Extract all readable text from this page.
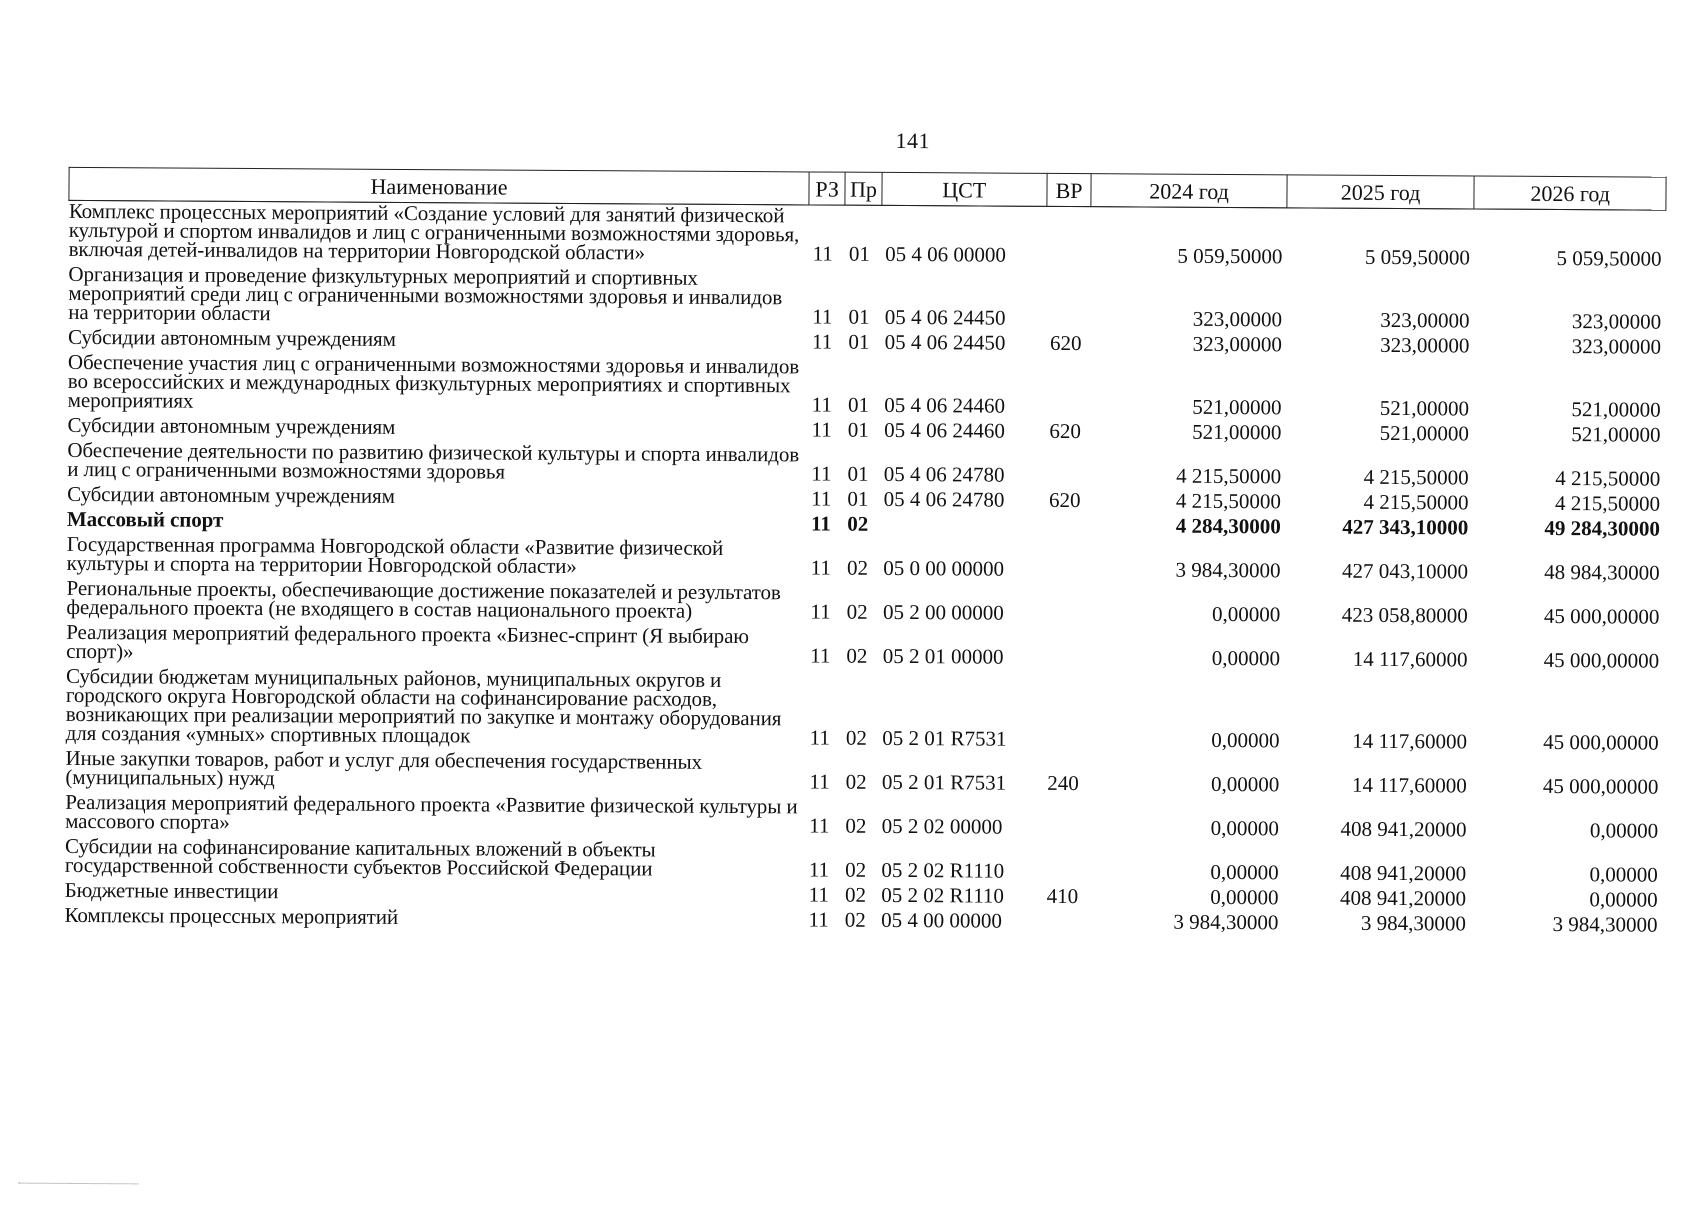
141
Наименование	РЗ	Пр	ЦСТ	ВР	2024 год	2025 год	2026 год
Комплекс процессных мероприятий «Создание условий для занятий физической культурой и спортом инвалидов и лиц с ограниченными возможностями здоровья, включая детей-инвалидов на территории Новгородской области»	11	01	05 4 06 00000		5 059,50000	5 059,50000	5 059,50000
Организация и проведение физкультурных мероприятий и спортивных мероприятий среди лиц с ограниченными возможностями здоровья и инвалидов на территории области	11	01	05 4 06 24450		323,00000	323,00000	323,00000
Субсидии автономным учреждениям	11	01	05 4 06 24450	620	323,00000	323,00000	323,00000
Обеспечение участия лиц с ограниченными возможностями здоровья и инвалидов во всероссийских и международных физкультурных мероприятиях и спортивных мероприятиях	11	01	05 4 06 24460		521,00000	521,00000	521,00000
Субсидии автономным учреждениям	11	01	05 4 06 24460	620	521,00000	521,00000	521,00000
Обеспечение деятельности по развитию физической культуры и спорта инвалидов и лиц с ограниченными возможностями здоровья	11	01	05 4 06 24780		4 215,50000	4 215,50000	4 215,50000
Субсидии автономным учреждениям	11	01	05 4 06 24780	620	4 215,50000	4 215,50000	4 215,50000
Массовый спорт	11	02			4 284,30000	427 343,10000	49 284,30000
Государственная программа Новгородской области «Развитие физической культуры и спорта на территории Новгородской области»	11	02	05 0 00 00000		3 984,30000	427 043,10000	48 984,30000
Региональные проекты, обеспечивающие достижение показателей и результатов федерального проекта (не входящего в состав национального проекта)	11	02	05 2 00 00000		0,00000	423 058,80000	45 000,00000
Реализация мероприятий федерального проекта «Бизнес-спринт (Я выбираю спорт)»	11	02	05 2 01 00000		0,00000	14 117,60000	45 000,00000
Субсидии бюджетам муниципальных районов, муниципальных округов и городского округа Новгородской области на софинансирование расходов, возникающих при реализации мероприятий по закупке и монтажу оборудования для создания «умных» спортивных площадок	11	02	05 2 01 R7531		0,00000	14 117,60000	45 000,00000
Иные закупки товаров, работ и услуг для обеспечения государственных (муниципальных) нужд	11	02	05 2 01 R7531	240	0,00000	14 117,60000	45 000,00000
Реализация мероприятий федерального проекта «Развитие физической культуры и массового спорта»	11	02	05 2 02 00000		0,00000	408 941,20000	0,00000
Субсидии на софинансирование капитальных вложений в объекты государственной собственности субъектов Российской Федерации	11	02	05 2 02 R1110		0,00000	408 941,20000	0,00000
Бюджетные инвестиции	11	02	05 2 02 R1110	410	0,00000	408 941,20000	0,00000
Комплексы процессных мероприятий	11	02	05 4 00 00000		3 984,30000	3 984,30000	3 984,30000
